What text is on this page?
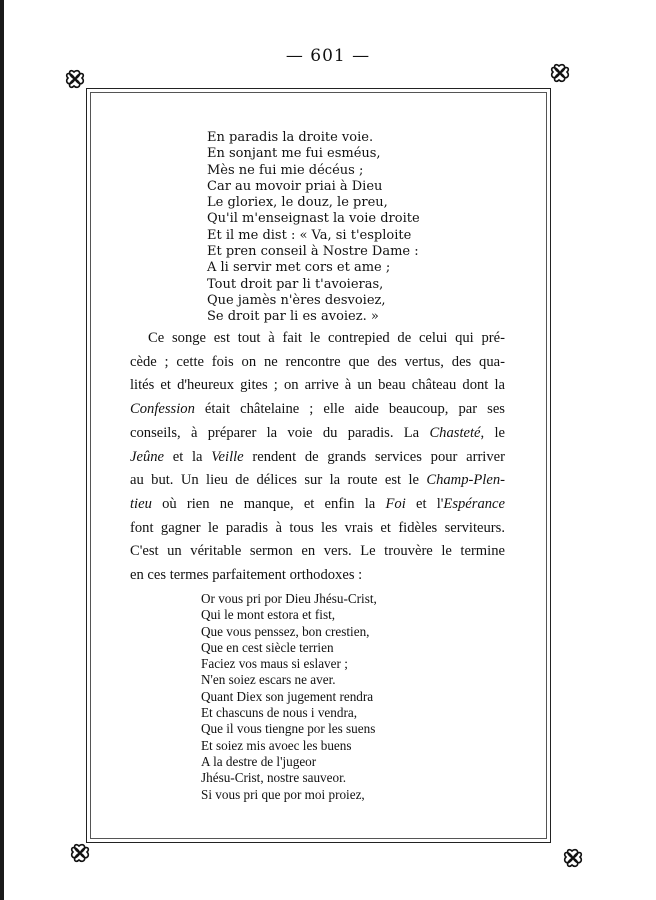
— 601 —
En paradis la droite voie.
En sonjant me fui esméus,
Mès ne fui mie décéus ;
Car au movoir priai à Dieu
Le gloriex, le douz, le preu,
Qu'il m'enseignast la voie droite
Et il me dist : « Va, si t'esploite
Et pren conseil à Nostre Dame :
A li servir met cors et ame ;
Tout droit par li t'avoieras,
Que jamès n'ères desvoiez,
Se droit par li es avoiez. »
Ce songe est tout à fait le contrepied de celui qui pré-
cède ; cette fois on ne rencontre que des vertus, des qua-
lités et d'heureux gites ; on arrive à un beau château dont la
Confession était châtelaine ; elle aide beaucoup, par ses
conseils, à préparer la voie du paradis. La Chasteté, le
Jeûne et la Veille rendent de grands services pour arriver
au but. Un lieu de délices sur la route est le Champ-Plen-
tieu où rien ne manque, et enfin la Foi et l'Espérance
font gagner le paradis à tous les vrais et fidèles serviteurs.
C'est un véritable sermon en vers. Le trouvère le termine
en ces termes parfaitement orthodoxes :
Or vous pri por Dieu Jhésu-Crist,
Qui le mont estora et fist,
Que vous penssez, bon crestien,
Que en cest siècle terrien
Faciez vos maus si eslaver ;
N'en soiez escars ne aver.
Quant Diex son jugement rendra
Et chascuns de nous i vendra,
Que il vous tiengne por les suens
Et soiez mis avoec les buens
A la destre de l'jugeor
Jhésu-Crist, nostre sauveor.
Si vous pri que por moi proiez,
